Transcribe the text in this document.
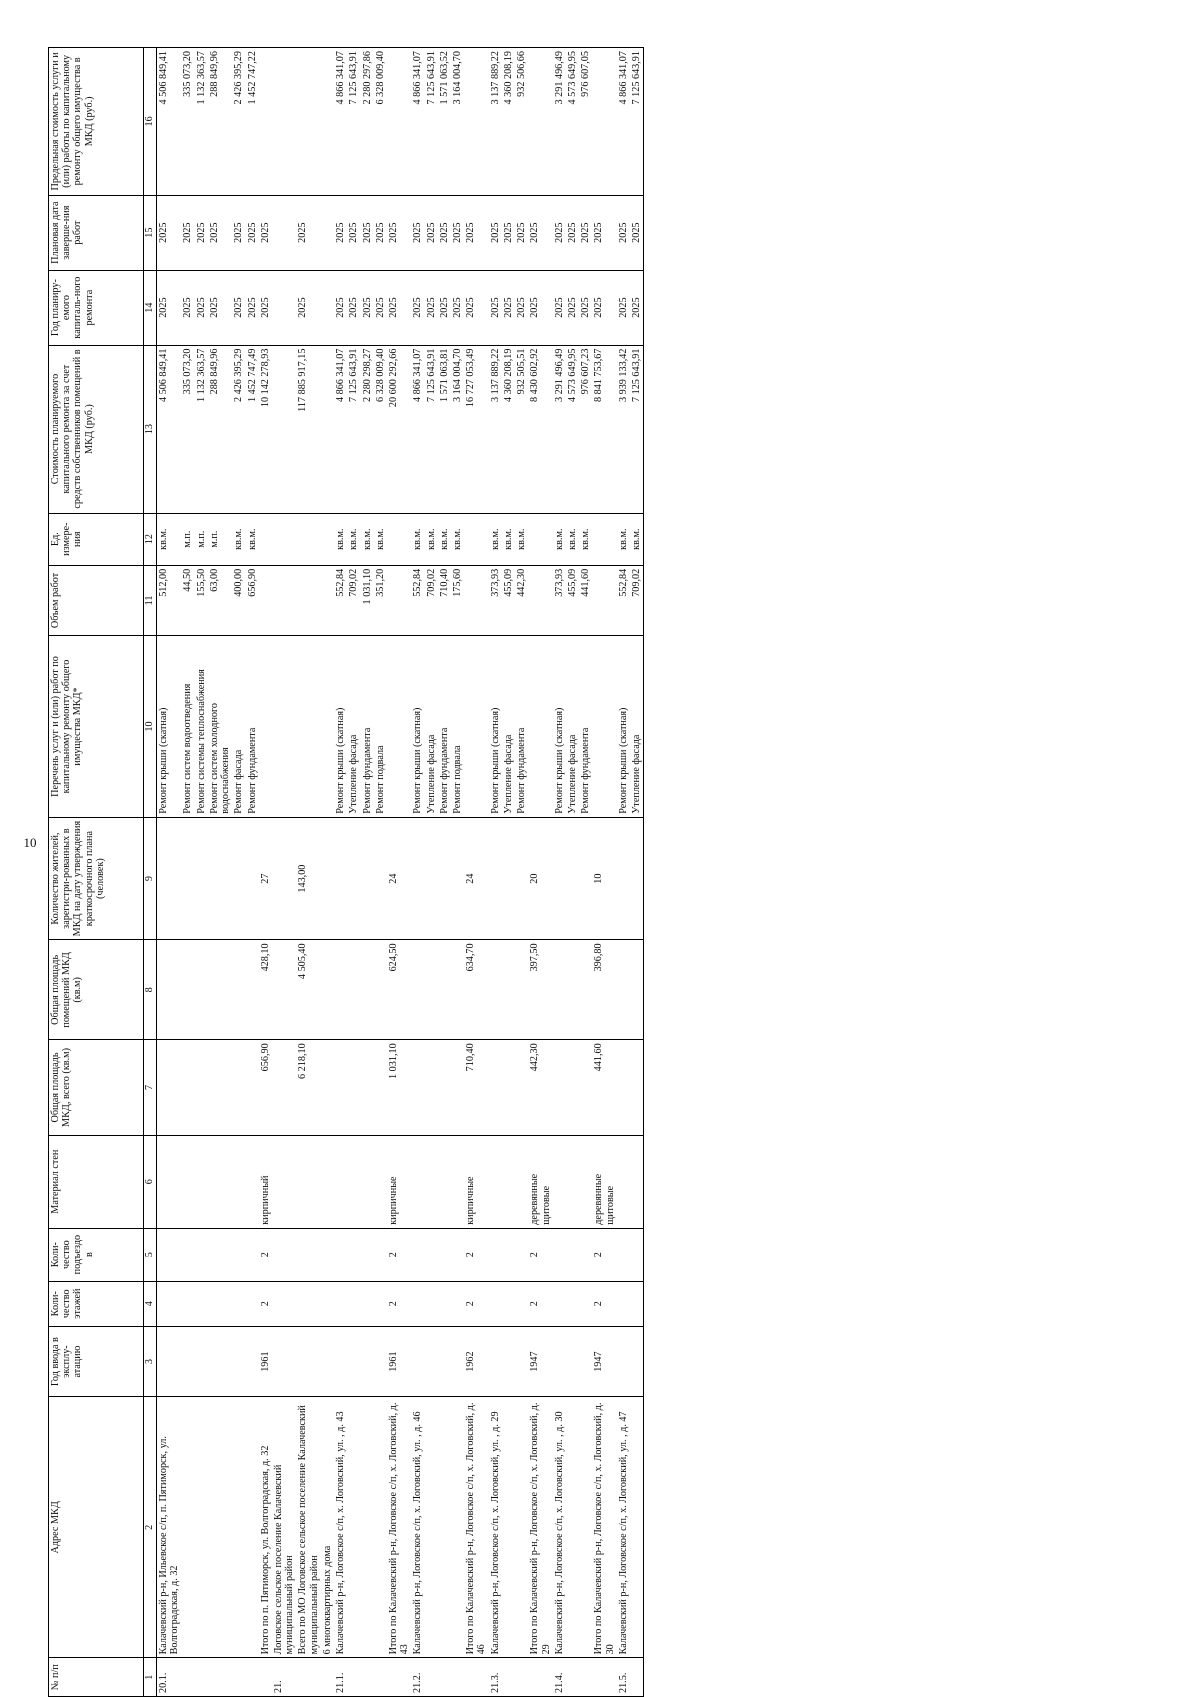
10
№ п/п	Адрес МКД	Год ввода в эксплу-атацию	Коли-чество этажей	Коли-чество подъездо в	Материал стен	Общая площадь МКД, всего (кв.м)	Общая площадь помещений МКД (кв.м)	Количество жителей, зарегистри-рованных в МКД на дату утверждения краткосрочного плана (человек)	Перечень услуг и (или) работ по капитальному ремонту общего имущества МКД*	Объем работ	Ед. измере-ния	Стоимость планируемого капитального ремонта за счет средств собственников помещений в МКД (руб.)	Год планиру-емого капиталь-ного ремонта	Плановая дата заверше-ния работ	Предельная стоимость услуги и (или) работы по капитальному ремонту общего имущества в МКД (руб.)
1	2	3	4	5	6	7	8	9	10	11	12	13	14	15	16
20.1.	Калачевский р-н, Ильевское с/п, п. Пятиморск, ул. Волгоградская, д. 32								Ремонт крыши (скатная)	512,00	кв.м.	4 506 849,41	2025	2025	4 506 849,41
									Ремонт систем водоотведения	44,50	м.п.	335 073,20	2025	2025	335 073,20
									Ремонт системы теплоснабжения	155,50	м.п.	1 132 363,57	2025	2025	1 132 363,57
									Ремонт систем холодного водоснабжения	63,00	м.п.	288 849,96	2025	2025	288 849,96
									Ремонт фасада	400,00	кв.м.	2 426 395,29	2025	2025	2 426 395,29
									Ремонт фундамента	656,90	кв.м.	1 452 747,49	2025	2025	1 452 747,22
	Итого по п. Пятиморск, ул. Волгоградская, д. 32	1961	2	2	кирпичный	656,90	428,10	27				10 142 278,93	2025	2025	
21.	Логовское сельское поселение Калачевский муниципальный район														
	Всего по МО Логовское сельское поселение Калачевский муниципальный район					6 218,10	4 505,40	143,00				117 885 917,15	2025	2025	
	6 многоквартирных дома														
21.1.	Калачевский р-н, Логовское с/п, х. Логовский, ул. , д. 43								Ремонт крыши (скатная)	552,84	кв.м.	4 866 341,07	2025	2025	4 866 341,07
									Утепление фасада	709,02	кв.м.	7 125 643,91	2025	2025	7 125 643,91
									Ремонт фундамента	1 031,10	кв.м.	2 280 298,27	2025	2025	2 280 297,86
									Ремонт подвала	351,20	кв.м.	6 328 009,40	2025	2025	6 328 009,40
	Итого по Калачевский р-н, Логовское с/п, х. Логовский, д. 43	1961	2	2	кирпичные	1 031,10	624,50	24				20 600 292,66	2025	2025	
21.2.	Калачевский р-н, Логовское с/п, х. Логовский, ул. , д. 46								Ремонт крыши (скатная)	552,84	кв.м.	4 866 341,07	2025	2025	4 866 341,07
									Утепление фасада	709,02	кв.м.	7 125 643,91	2025	2025	7 125 643,91
									Ремонт фундамента	710,40	кв.м.	1 571 063,81	2025	2025	1 571 063,52
									Ремонт подвала	175,60	кв.м.	3 164 004,70	2025	2025	3 164 004,70
	Итого по Калачевский р-н, Логовское с/п, х. Логовский, д. 46	1962	2	2	кирпичные	710,40	634,70	24				16 727 053,49	2025	2025	
21.3.	Калачевский р-н, Логовское с/п, х. Логовский, ул. , д. 29								Ремонт крыши (скатная)	373,93	кв.м.	3 137 889,22	2025	2025	3 137 889,22
									Утепление фасада	455,09	кв.м.	4 360 208,19	2025	2025	4 360 208,19
									Ремонт фундамента	442,30	кв.м.	932 505,51	2025	2025	932 506,66
	Итого по Калачевский р-н, Логовское с/п, х. Логовский, д. 29	1947	2	2	деревянные щитовые	442,30	397,50	20				8 430 602,92	2025	2025	
21.4.	Калачевский р-н, Логовское с/п, х. Логовский, ул. , д. 30								Ремонт крыши (скатная)	373,93	кв.м.	3 291 496,49	2025	2025	3 291 496,49
									Утепление фасада	455,09	кв.м.	4 573 649,95	2025	2025	4 573 649,95
									Ремонт фундамента	441,60	кв.м.	976 607,23	2025	2025	976 607,05
	Итого по Калачевский р-н, Логовское с/п, х. Логовский, д. 30	1947	2	2	деревянные щитовые	441,60	396,80	10				8 841 753,67	2025	2025	
21.5.	Калачевский р-н, Логовское с/п, х. Логовский, ул. , д. 47								Ремонт крыши (скатная)	552,84	кв.м.	3 939 133,42	2025	2025	4 866 341,07
									Утепление фасада	709,02	кв.м.	7 125 643,91	2025	2025	7 125 643,91
